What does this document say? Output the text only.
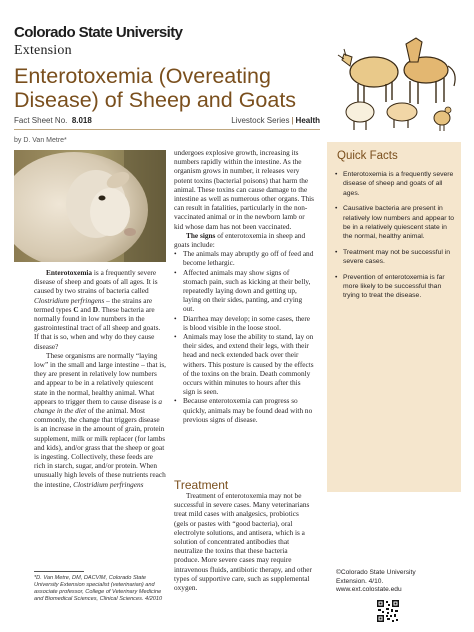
Colorado State University
Extension
Enterotoxemia (Overeating Disease) of Sheep and Goats
Fact Sheet No. 8.018	Livestock Series | Health
by D. Van Metre*

Enterotoxemia is a frequently severe disease of sheep and goats of all ages. It is caused by two strains of bacteria called Clostridium perfringens – the strains are termed types C and D. These bacteria are normally found in low numbers in the gastrointestinal tract of all sheep and goats. If that is so, when and why do they cause disease?

These organisms are normally “laying low” in the small and large intestine – that is, they are present in relatively low numbers and appear to be in a relatively quiescent state in the normal, healthy animal. What appears to trigger them to cause disease is a change in the diet of the animal. Most commonly, the change that triggers disease is an increase in the amount of grain, protein supplement, milk or milk replacer (for lambs and kids), and/or grass that the sheep or goat is ingesting. Collectively, these feeds are rich in starch, sugar, and/or protein. When unusually high levels of these nutrients reach the intestine, Clostridium perfringens

*D. Van Metre, DM, DACVIM, Colorado State University Extension specialist (veterinarian) and associate professor, College of Veterinary Medicine and Biomedical Sciences, Clinical Sciences. 4/2010

undergoes explosive growth, increasing its numbers rapidly within the intestine. As the organism grows in number, it releases very potent toxins (bacterial poisons) that harm the animal. These toxins can cause damage to the intestine as well as numerous other organs. This can result in fatalities, particularly in the non-vaccinated animal or in the newborn lamb or kid whose dam has not been vaccinated.

The signs of enterotoxemia in sheep and goats include:

• The animals may abruptly go off of feed and become lethargic.
• Affected animals may show signs of stomach pain, such as kicking at their belly, repeatedly laying down and getting up, laying on their sides, panting, and crying out.
• Diarrhea may develop; in some cases, there is blood visible in the loose stool.
• Animals may lose the ability to stand, lay on their sides, and extend their legs, with their head and neck extended back over their withers. This posture is caused by the effects of the toxins on the brain. Death commonly occurs within minutes to hours after this sign is seen.
• Because enterotoxemia can progress so quickly, animals may be found dead with no previous signs of disease.
Treatment

Treatment of enterotoxemia may not be successful in severe cases. Many veterinarians treat mild cases with analgesics, probiotics (gels or pastes with “good bacteria), oral electrolyte solutions, and antisera, which is a solution of concentrated antibodies that neutralize the toxins that these bacteria produce. More severe cases may require intravenous fluids, antibiotic therapy, and other types of supportive care, such as supplemental oxygen.

Quick Facts
• Enterotoxemia is a frequently severe disease of sheep and goats of all ages.
• Causative bacteria are present in relatively low numbers and appear to be in a relatively quiescent state in the normal, healthy animal.
• Treatment may not be successful in severe cases.
• Prevention of enterotoxemia is far more likely to be successful than trying to treat the disease.
©Colorado State University
Extension. 4/10.
www.ext.colostate.edu
